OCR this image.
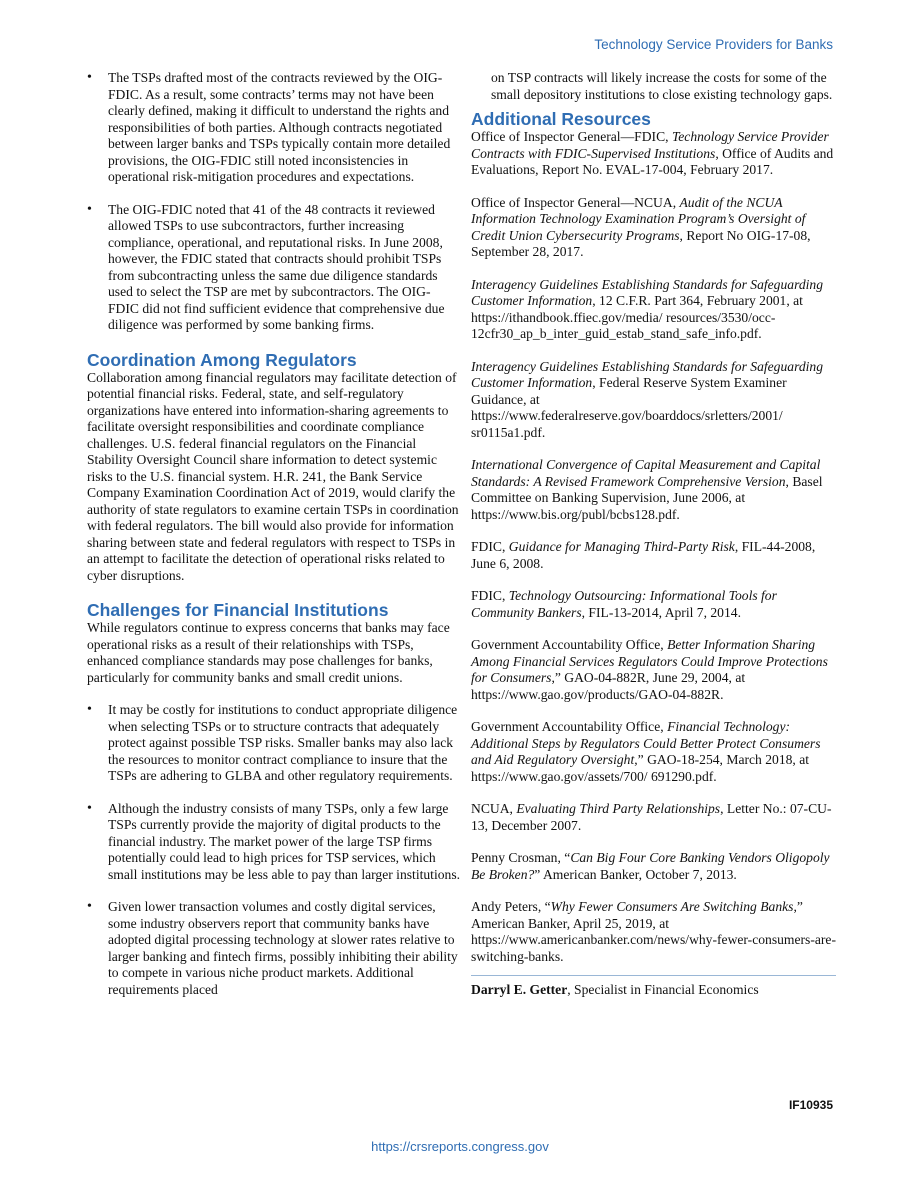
Technology Service Providers for Banks
• The TSPs drafted most of the contracts reviewed by the OIG-FDIC. As a result, some contracts’ terms may not have been clearly defined, making it difficult to understand the rights and responsibilities of both parties. Although contracts negotiated between larger banks and TSPs typically contain more detailed provisions, the OIG-FDIC still noted inconsistencies in operational risk-mitigation procedures and expectations.
• The OIG-FDIC noted that 41 of the 48 contracts it reviewed allowed TSPs to use subcontractors, further increasing compliance, operational, and reputational risks. In June 2008, however, the FDIC stated that contracts should prohibit TSPs from subcontracting unless the same due diligence standards used to select the TSP are met by subcontractors. The OIG-FDIC did not find sufficient evidence that comprehensive due diligence was performed by some banking firms.
Coordination Among Regulators

Collaboration among financial regulators may facilitate detection of potential financial risks. Federal, state, and self-regulatory organizations have entered into information-sharing agreements to facilitate oversight responsibilities and coordinate compliance challenges. U.S. federal financial regulators on the Financial Stability Oversight Council share information to detect systemic risks to the U.S. financial system. H.R. 241, the Bank Service Company Examination Coordination Act of 2019, would clarify the authority of state regulators to examine certain TSPs in coordination with federal regulators. The bill would also provide for information sharing between state and federal regulators with respect to TSPs in an attempt to facilitate the detection of operational risks related to cyber disruptions.

Challenges for Financial Institutions

While regulators continue to express concerns that banks may face operational risks as a result of their relationships with TSPs, enhanced compliance standards may pose challenges for banks, particularly for community banks and small credit unions.

• It may be costly for institutions to conduct appropriate diligence when selecting TSPs or to structure contracts that adequately protect against possible TSP risks. Smaller banks may also lack the resources to monitor contract compliance to insure that the TSPs are adhering to GLBA and other regulatory requirements.
• Although the industry consists of many TSPs, only a few large TSPs currently provide the majority of digital products to the financial industry. The market power of the large TSP firms potentially could lead to high prices for TSP services, which small institutions may be less able to pay than larger institutions.
• Given lower transaction volumes and costly digital services, some industry observers report that community banks have adopted digital processing technology at slower rates relative to larger banking and fintech firms, possibly inhibiting their ability to compete in various niche product markets. Additional requirements placed

on TSP contracts will likely increase the costs for some of the small depository institutions to close existing technology gaps.

Additional Resources
Office of Inspector General—FDIC, Technology Service Provider Contracts with FDIC-Supervised Institutions, Office of Audits and Evaluations, Report No. EVAL-17-004, February 2017.
Office of Inspector General—NCUA, Audit of the NCUA Information Technology Examination Program’s Oversight of Credit Union Cybersecurity Programs, Report No OIG-17-08, September 28, 2017.
Interagency Guidelines Establishing Standards for Safeguarding Customer Information, 12 C.F.R. Part 364, February 2001, at https://ithandbook.ffiec.gov/media/ resources/3530/occ-12cfr30_ap_b_inter_guid_estab_stand_safe_info.pdf.
Interagency Guidelines Establishing Standards for Safeguarding Customer Information, Federal Reserve System Examiner Guidance, at https://www.federalreserve.gov/boarddocs/srletters/2001/ sr0115a1.pdf.
International Convergence of Capital Measurement and Capital Standards: A Revised Framework Comprehensive Version, Basel Committee on Banking Supervision, June 2006, at https://www.bis.org/publ/bcbs128.pdf.
FDIC, Guidance for Managing Third-Party Risk, FIL-44-2008, June 6, 2008.
FDIC, Technology Outsourcing: Informational Tools for Community Bankers, FIL-13-2014, April 7, 2014.
Government Accountability Office, Better Information Sharing Among Financial Services Regulators Could Improve Protections for Consumers,” GAO-04-882R, June 29, 2004, at https://www.gao.gov/products/GAO-04-882R.
Government Accountability Office, Financial Technology: Additional Steps by Regulators Could Better Protect Consumers and Aid Regulatory Oversight,” GAO-18-254, March 2018, at https://www.gao.gov/assets/700/ 691290.pdf.
NCUA, Evaluating Third Party Relationships, Letter No.: 07-CU-13, December 2007.
Penny Crosman, “Can Big Four Core Banking Vendors Oligopoly Be Broken?” American Banker, October 7, 2013.
Andy Peters, “Why Fewer Consumers Are Switching Banks,” American Banker, April 25, 2019, at https://www.americanbanker.com/news/why-fewer-consumers-are-switching-banks.

Darryl E. Getter, Specialist in Financial Economics

IF10935
https://crsreports.congress.gov
